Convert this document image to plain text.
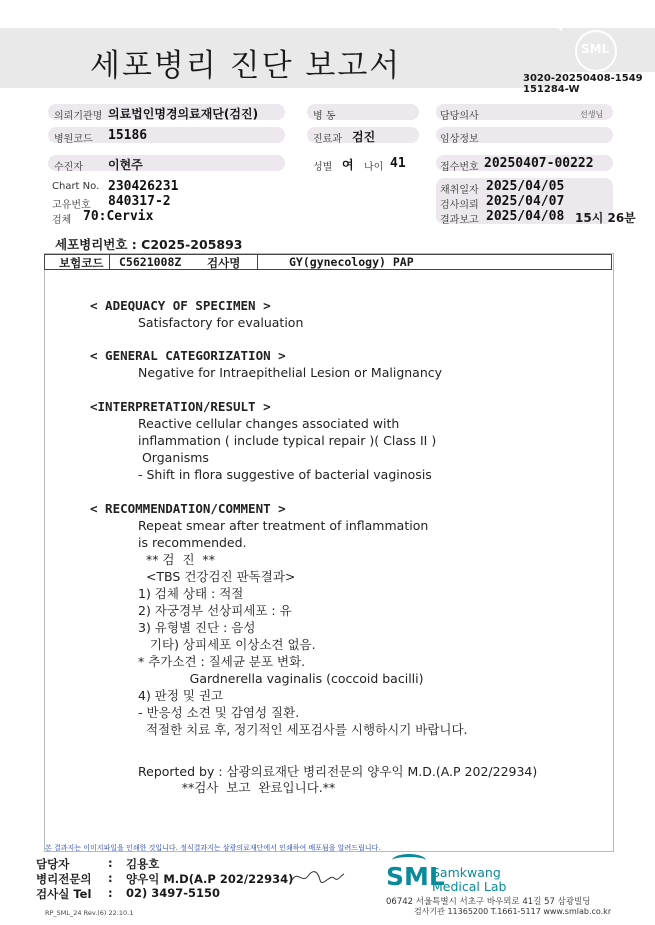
SML
세포병리 진단 보고서	3020-20250408-1549
151284-W
의뢰기관명 의료법인명경의료재단(검진)	병 동	담당의사	선생님
병원코드 15186	진료과 검진	임상정보
수진자 이현주	성별 여 나이 41	접수번호 20250407-00222
Chart No. 230426231
고유번호 840317-2
검체 70:Cervix
채취일자 2025/04/05
검사의뢰 2025/04/07
결과보고 2025/04/08 15시 26분
세포병리번호 : C2025-205893
보험코드 C5621008Z 검사명	GY(gynecology) PAP
< ADEQUACY OF SPECIMEN >
Satisfactory for evaluation
< GENERAL CATEGORIZATION >
Negative for Intraepithelial Lesion or Malignancy
<INTERPRETATION/RESULT >
Reactive cellular changes associated with
inflammation ( include typical repair )( Class II )
Organisms
- Shift in flora suggestive of bacterial vaginosis
< RECOMMENDATION/COMMENT >
Repeat smear after treatment of inflammation
is recommended.
** 검  진  **
<TBS 건강검진 판독결과>
1) 검체 상태 : 적절
2) 자궁경부 선상피세포 : 유
3) 유형별 진단 : 음성
기타) 상피세포 이상소견 없음.
* 추가소견 : 질세균 분포 변화.
Gardnerella vaginalis (coccoid bacilli)
4) 판정 및 권고
- 반응성 소견 및 감염성 질환.
적절한 치료 후, 정기적인 세포검사를 시행하시기 바랍니다.
Reported by : 삼광의료재단 병리전문의 양우익 M.D.(A.P 202/22934)
**검사  보고  완료입니다.**
본 결과지는 이미지파일을 인쇄한 것입니다. 정식결과지는 삼광의료재단에서 인쇄하여 배포됨을 알려드립니다.
담당자	: 김용호
병리전문의 : 양우익 M.D(A.P 202/22934)
검사실 Tel : 02) 3497-5150
RP_SML_24 Rev.(6) 22.10.1
SML
Samkwang
Medical Lab
06742 서울특별시 서초구 바우뫼로 41길 57 삼광빌딩
검사기관 11365200 T.1661-5117 www.smlab.co.kr
